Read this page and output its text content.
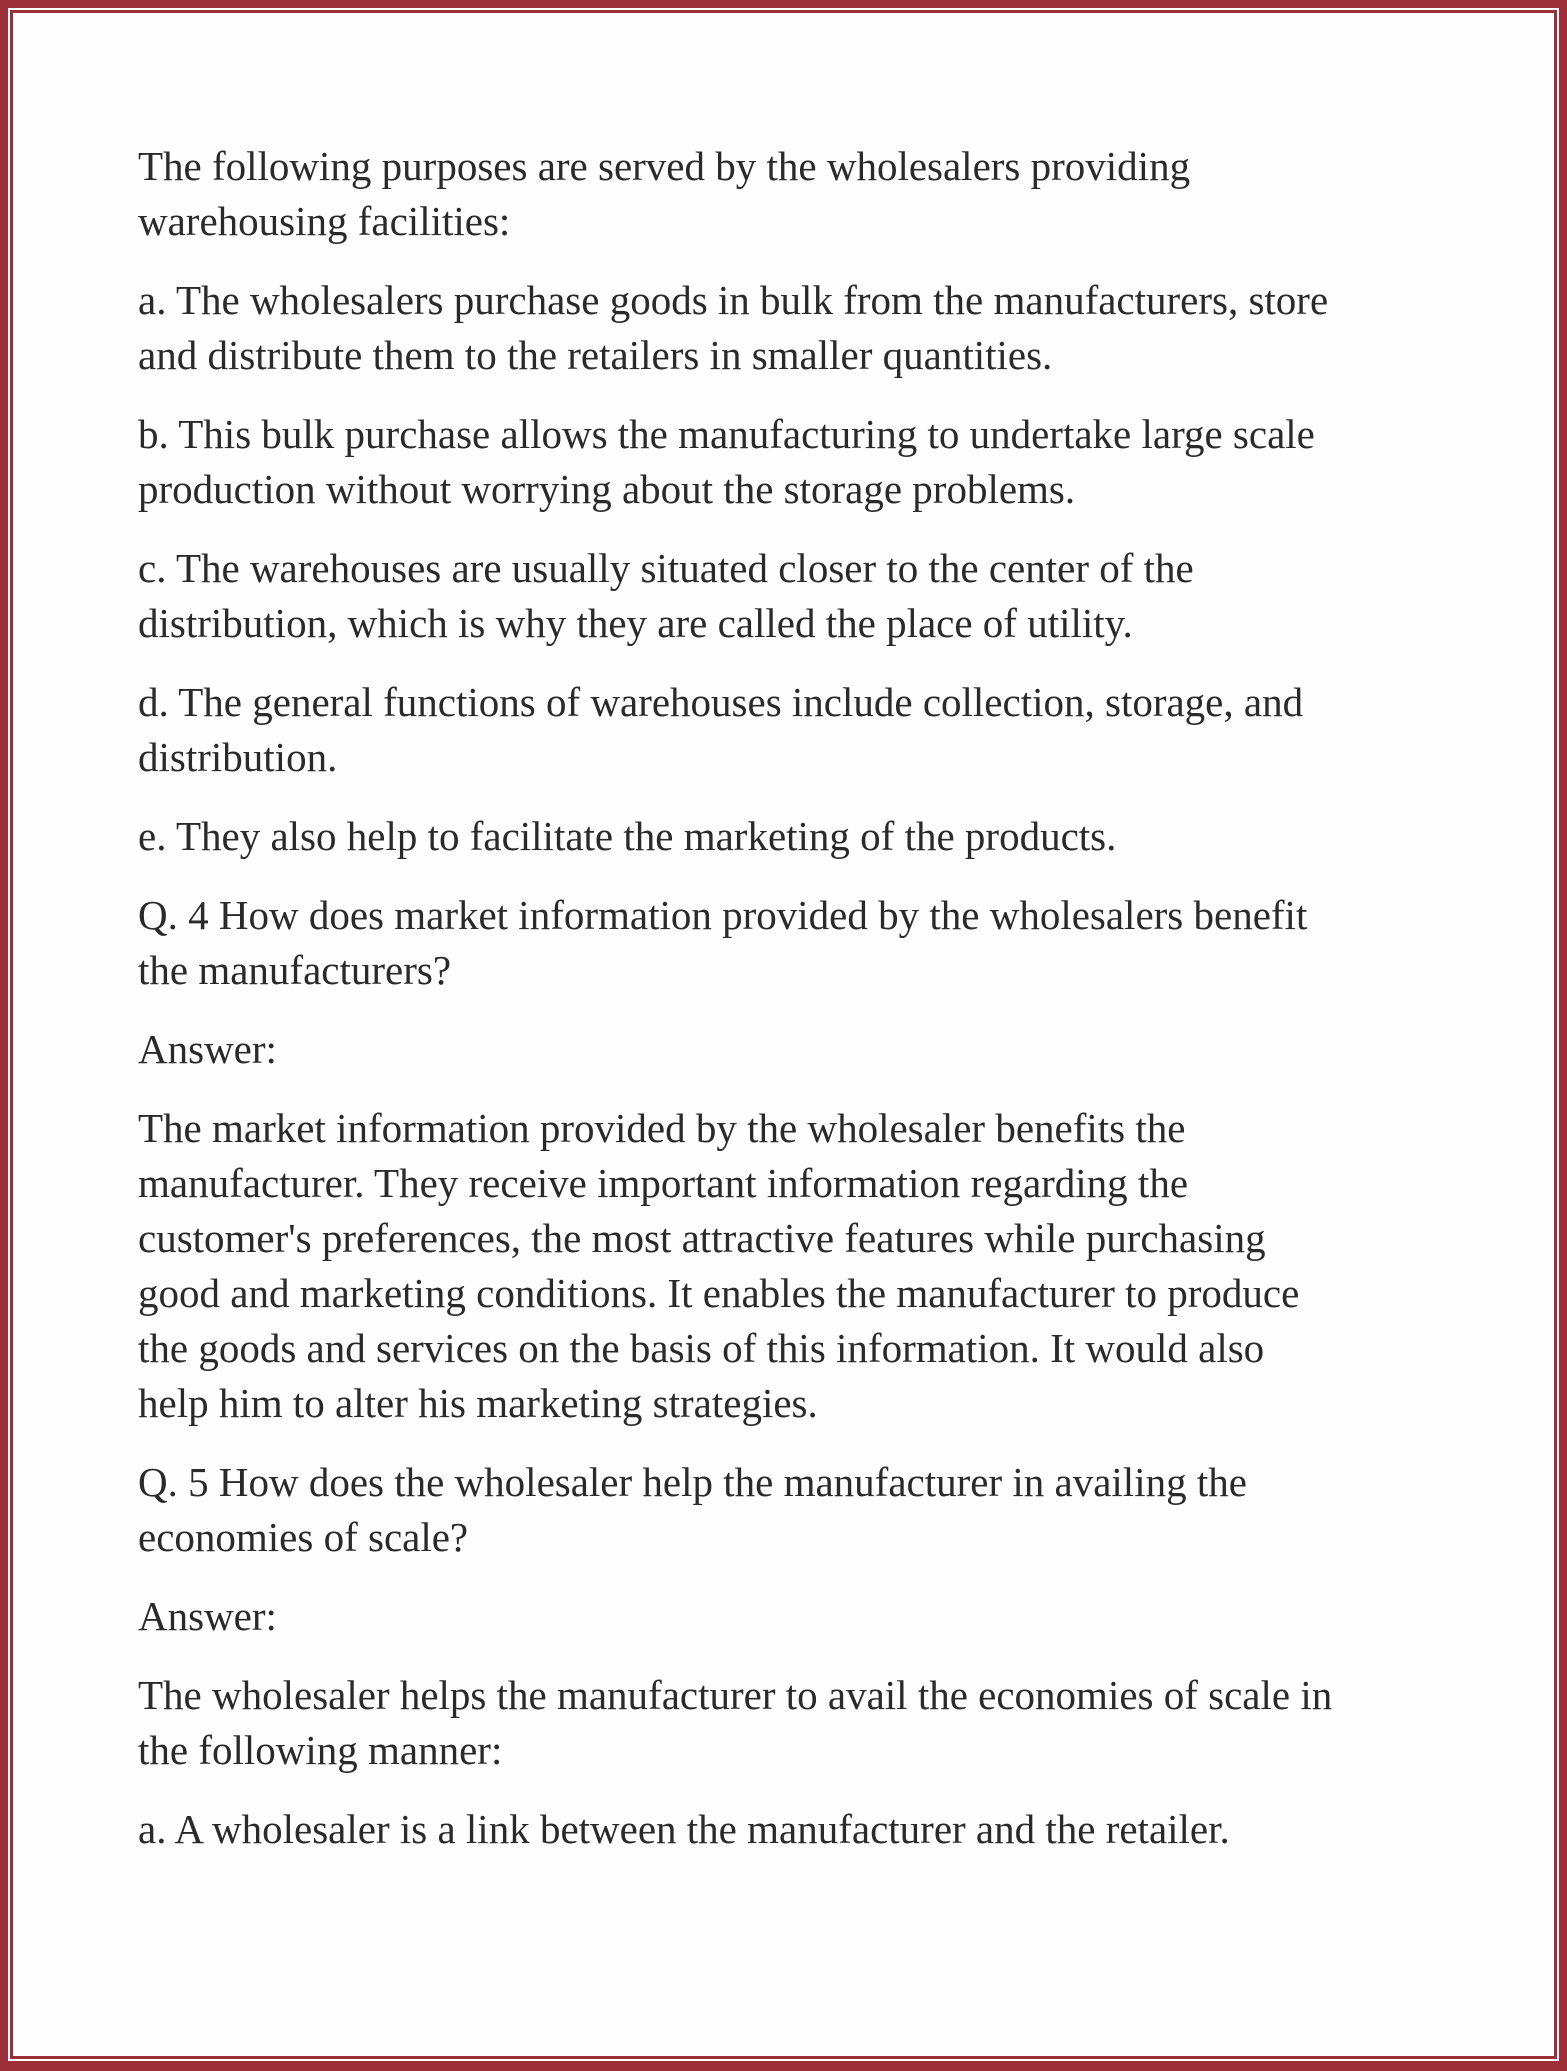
The following purposes are served by the wholesalers providing
warehousing facilities:

a. The wholesalers purchase goods in bulk from the manufacturers, store
and distribute them to the retailers in smaller quantities.

b. This bulk purchase allows the manufacturing to undertake large scale
production without worrying about the storage problems.

c. The warehouses are usually situated closer to the center of the
distribution, which is why they are called the place of utility.

d. The general functions of warehouses include collection, storage, and
distribution.

e. They also help to facilitate the marketing of the products.

Q. 4 How does market information provided by the wholesalers benefit
the manufacturers?

Answer:

The market information provided by the wholesaler benefits the
manufacturer. They receive important information regarding the
customer's preferences, the most attractive features while purchasing
good and marketing conditions. It enables the manufacturer to produce
the goods and services on the basis of this information. It would also
help him to alter his marketing strategies.

Q. 5 How does the wholesaler help the manufacturer in availing the
economies of scale?

Answer:

The wholesaler helps the manufacturer to avail the economies of scale in
the following manner:

a. A wholesaler is a link between the manufacturer and the retailer.
